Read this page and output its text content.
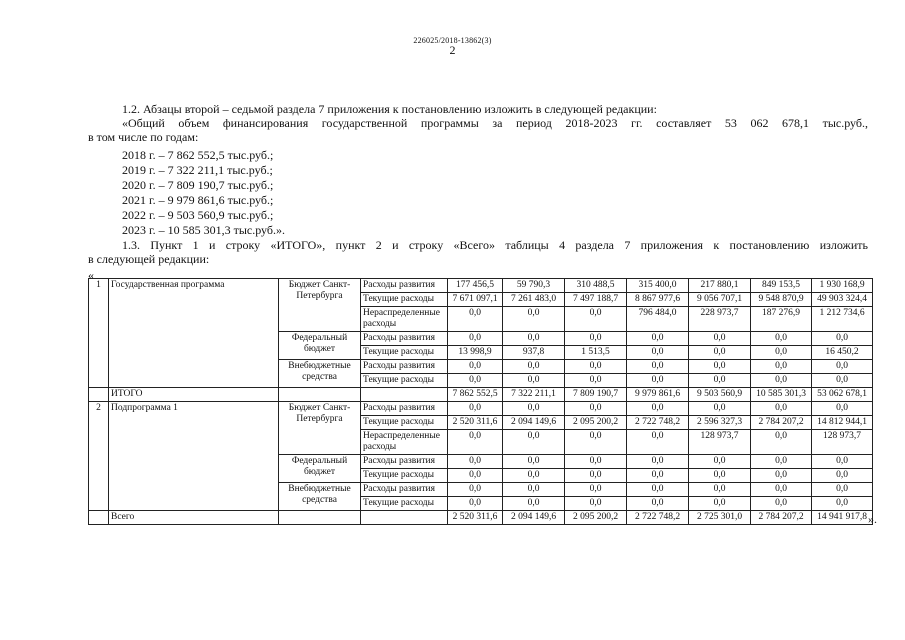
226025/2018-13862(3)
2
1.2. Абзацы второй – седьмой раздела 7 приложения к постановлению изложить в следующей редакции:
«Общий объем финансирования государственной программы за период 2018-2023 гг. составляет 53 062 678,1 тыс.руб.,
в том числе по годам:
2018 г. – 7 862 552,5 тыс.руб.;
2019 г. – 7 322 211,1 тыс.руб.;
2020 г. – 7 809 190,7 тыс.руб.;
2021 г. – 9 979 861,6 тыс.руб.;
2022 г. – 9 503 560,9 тыс.руб.;
2023 г. – 10 585 301,3 тыс.руб.».
1.3. Пункт 1 и строку «ИТОГО», пункт 2 и строку «Всего» таблицы 4 раздела 7 приложения к постановлению изложить
в следующей редакции:
«
1	Государственная программа	Бюджет Санкт-Петербурга	Расходы развития	177 456,5	59 790,3	310 488,5	315 400,0	217 880,1	849 153,5	1 930 168,9
			Текущие расходы	7 671 097,1	7 261 483,0	7 497 188,7	8 867 977,6	9 056 707,1	9 548 870,9	49 903 324,4
			Нераспределенные расходы	0,0	0,0	0,0	796 484,0	228 973,7	187 276,9	1 212 734,6
		Федеральный бюджет	Расходы развития	0,0	0,0	0,0	0,0	0,0	0,0	0,0
			Текущие расходы	13 998,9	937,8	1 513,5	0,0	0,0	0,0	16 450,2
		Внебюджетные средства	Расходы развития	0,0	0,0	0,0	0,0	0,0	0,0	0,0
			Текущие расходы	0,0	0,0	0,0	0,0	0,0	0,0	0,0
	ИТОГО			7 862 552,5	7 322 211,1	7 809 190,7	9 979 861,6	9 503 560,9	10 585 301,3	53 062 678,1
2	Подпрограмма 1	Бюджет Санкт-Петербурга	Расходы развития	0,0	0,0	0,0	0,0	0,0	0,0	0,0
			Текущие расходы	2 520 311,6	2 094 149,6	2 095 200,2	2 722 748,2	2 596 327,3	2 784 207,2	14 812 944,1
			Нераспределенные расходы	0,0	0,0	0,0	0,0	128 973,7	0,0	128 973,7
		Федеральный бюджет	Расходы развития	0,0	0,0	0,0	0,0	0,0	0,0	0,0
			Текущие расходы	0,0	0,0	0,0	0,0	0,0	0,0	0,0
		Внебюджетные средства	Расходы развития	0,0	0,0	0,0	0,0	0,0	0,0	0,0
			Текущие расходы	0,0	0,0	0,0	0,0	0,0	0,0	0,0
	Всего			2 520 311,6	2 094 149,6	2 095 200,2	2 722 748,2	2 725 301,0	2 784 207,2	14 941 917,8 ».
